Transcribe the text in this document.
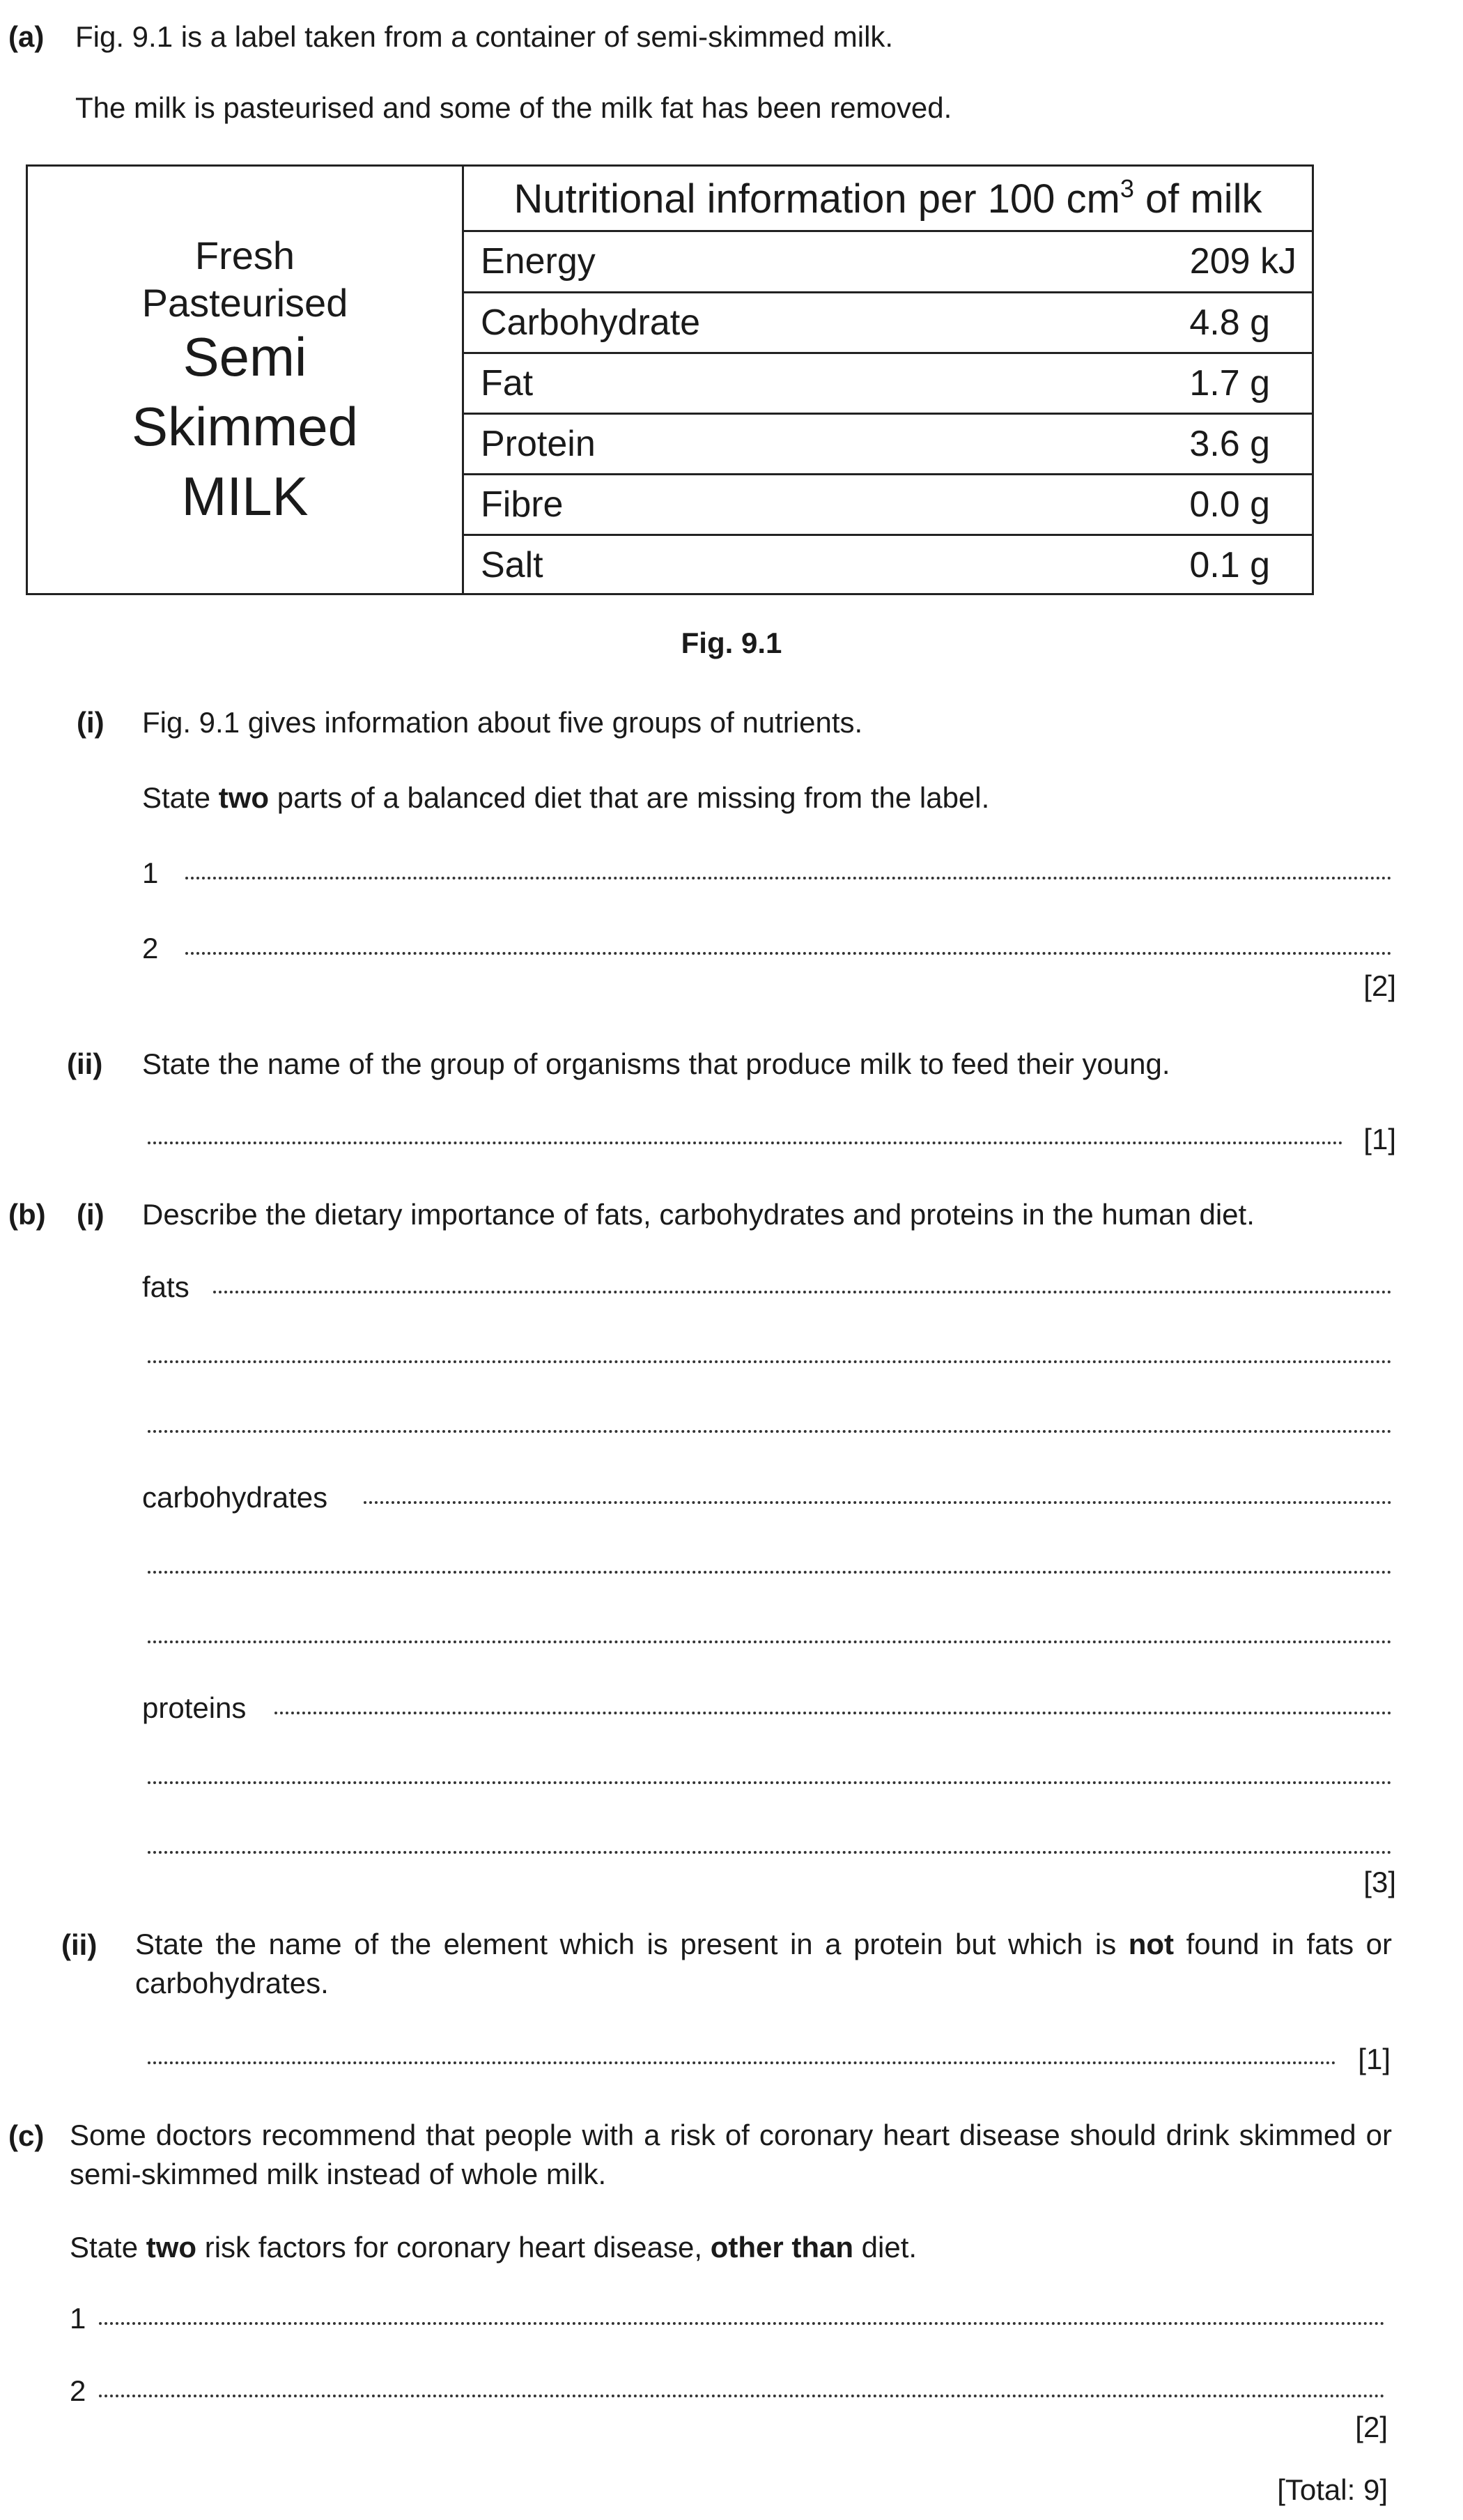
(a) Fig. 9.1 is a label taken from a container of semi-skimmed milk.
The milk is pasteurised and some of the milk fat has been removed.
Fresh
Pasteurised
Semi
Skimmed
MILK
Nutritional information per 100 $cm^3$ of milk
Energy	209 kJ
Carbohydrate	4.8 g
Fat	1.7 g
Protein	3.6 g
Fibre	0.0 g
Salt	0.1 g
Fig. 9.1
(i) Fig. 9.1 gives information about five groups of nutrients.
State two parts of a balanced diet that are missing from the label.
1
2
[2]
(ii) State the name of the group of organisms that produce milk to feed their young.
[1]
(b) (i) Describe the dietary importance of fats, carbohydrates and proteins in the human diet.
fats
carbohydrates
proteins
[3]
(ii) State the name of the element which is present in a protein but which is not found in fats or carbohydrates.
[1]
(c) Some doctors recommend that people with a risk of coronary heart disease should drink skimmed or semi-skimmed milk instead of whole milk.
State two risk factors for coronary heart disease, other than diet.
1
2
[2]
[Total: 9]
